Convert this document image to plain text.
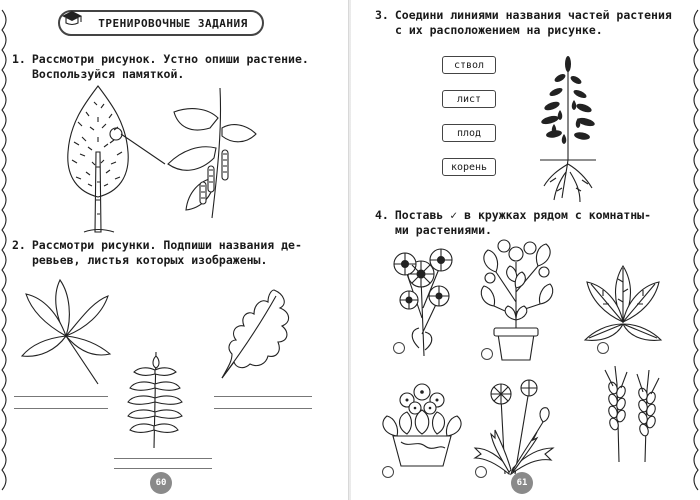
ТРЕНИРОВОЧНЫЕ ЗАДАНИЯ
1. Рассмотри рисунок. Устно опиши растение.
Воспользуйся памяткой.
2. Рассмотри рисунки. Подпиши названия де-
ревьев, листья которых изображены.
60
3. Соедини линиями названия частей растения
с их расположением на рисунке.
ствол
лист
плод
корень
4. Поставь ✓ в кружках рядом с комнатны-
ми растениями.
61
